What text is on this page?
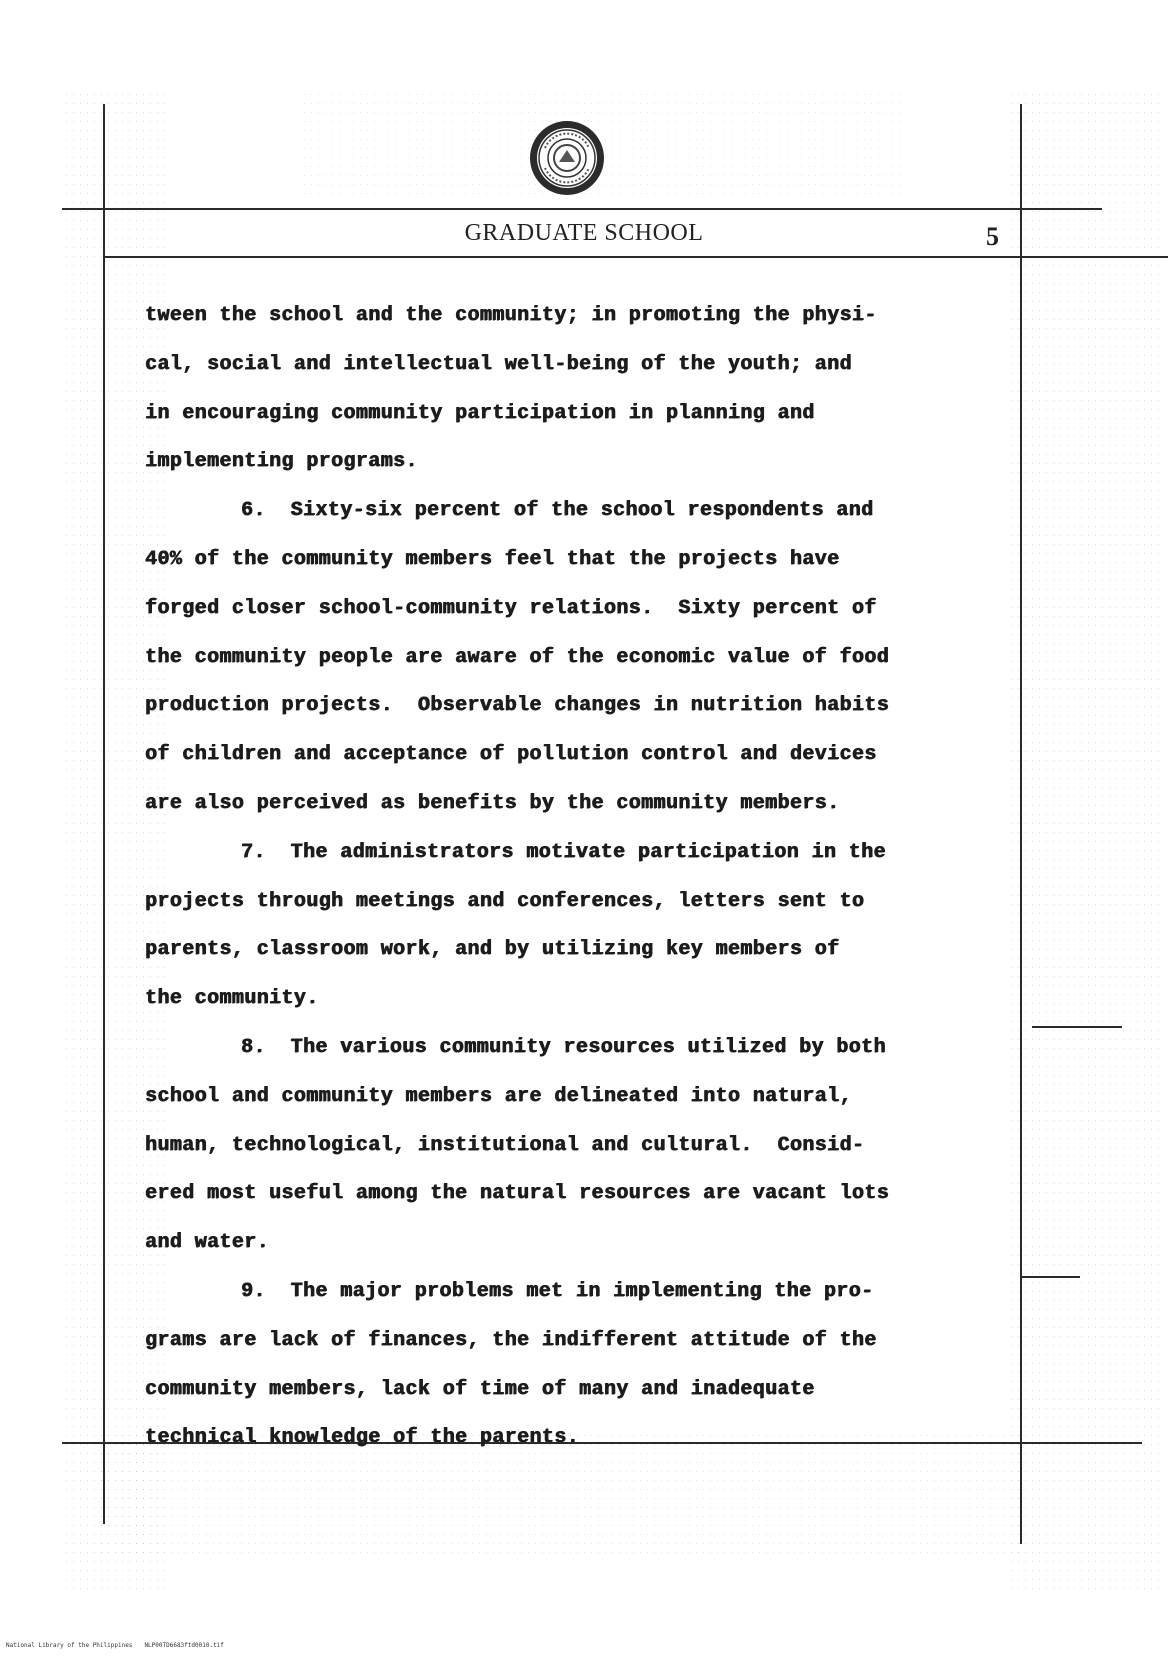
GRADUATE SCHOOL	5
tween the school and the community; in promoting the physi-
cal, social and intellectual well-being of the youth; and
in encouraging community participation in planning and
implementing programs.
6.  Sixty-six percent of the school respondents and
40% of the community members feel that the projects have
forged closer school-community relations.  Sixty percent of
the community people are aware of the economic value of food
production projects.  Observable changes in nutrition habits
of children and acceptance of pollution control and devices
are also perceived as benefits by the community members.
7.  The administrators motivate participation in the
projects through meetings and conferences, letters sent to
parents, classroom work, and by utilizing key members of
the community.
8.  The various community resources utilized by both
school and community members are delineated into natural,
human, technological, institutional and cultural.  Consid-
ered most useful among the natural resources are vacant lots
and water.
9.  The major problems met in implementing the pro-
grams are lack of finances, the indifferent attitude of the
community members, lack of time of many and inadequate
technical knowledge of the parents.
National Library of the Philippines NLP00TD6683ftd0010.tif
